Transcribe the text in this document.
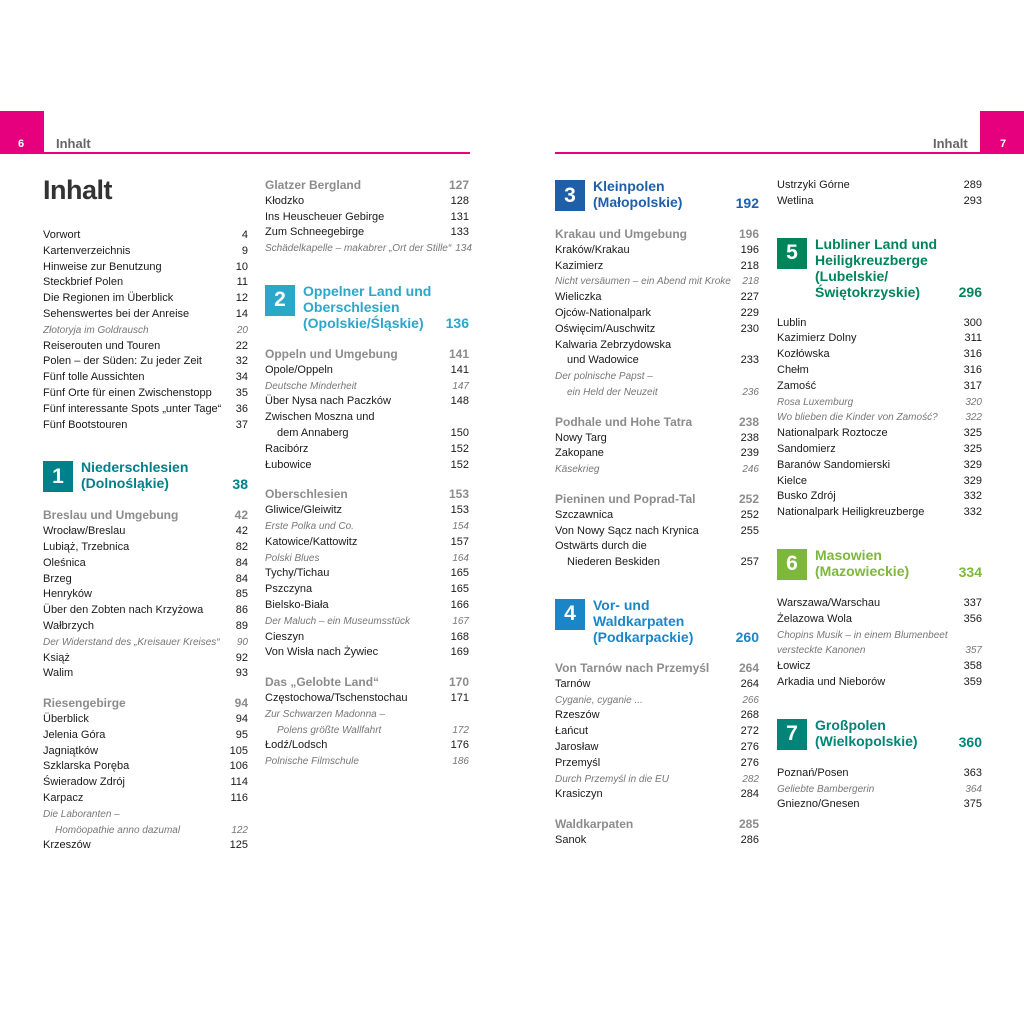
6	Inhalt	7
Inhalt
Inhalt
Vorwort	4
Kartenverzeichnis	9
Hinweise zur Benutzung	10
Steckbrief Polen	11
Die Regionen im Überblick	12
Sehenswertes bei der Anreise	14
Złotoryja im Goldrausch	20
Reiserouten und Touren	22
Polen – der Süden: Zu jeder Zeit	32
Fünf tolle Aussichten	34
Fünf Orte für einen Zwischenstopp 35
Fünf interessante Spots „unter Tage“ 36
Fünf Bootstouren	37
1	Niederschlesien (Dolnośląkie)	38
Breslau und Umgebung	42
Wrocław/Breslau	42
Lubiąż, Trzebnica	82
Oleśnica	84
Brzeg	84
Henryków	85
Über den Zobten nach Krzyżowa	86
Wałbrzych	89
Der Widerstand des „Kreisauer Kreises“ 90
Książ	92
Walim	93
Riesengebirge	94
Überblick	94
Jelenia Góra	95
Jagniątków	105
Szklarska Poręba	106
Świeradow Zdrój	114
Karpacz	116
Die Laboranten –
Homöopathie anno dazumal	122
Krzeszów	125
Glatzer Bergland	127
Kłodzko	128
Ins Heuscheuer Gebirge	131
Zum Schneegebirge	133
Schädelkapelle – makabrer „Ort der Stille“ 134
2	Oppelner Land und Oberschlesien (Opolskie/Śląskie)	136
Oppeln und Umgebung	141
Opole/Oppeln	141
Deutsche Minderheit	147
Über Nysa nach Paczków	148
Zwischen Moszna und
dem Annaberg	150
Racibórz	152
Łubowice	152
Oberschlesien	153
Gliwice/Gleiwitz	153
Erste Polka und Co.	154
Katowice/Kattowitz	157
Polski Blues	164
Tychy/Tichau	165
Pszczyna	165
Bielsko-Biała	166
Der Maluch – ein Museumsstück	167
Cieszyn	168
Von Wisła nach Żywiec	169
Das „Gelobte Land“	170
Częstochowa/Tschenstochau	171
Zur Schwarzen Madonna –
Polens größte Wallfahrt	172
Łodź/Lodsch	176
Polnische Filmschule	186
3	Kleinpolen (Małopolskie)	192
Krakau und Umgebung	196
Kraków/Krakau	196
Kazimierz	218
Nicht versäumen – ein Abend mit Kroke 218
Wieliczka	227
Ojców-Nationalpark	229
Oświęcim/Auschwitz	230
Kalwaria Zebrzydowska
und Wadowice	233
Der polnische Papst –
ein Held der Neuzeit	236
Podhale und Hohe Tatra	238
Nowy Targ	238
Zakopane	239
Käsekrieg	246
Pieninen und Poprad-Tal	252
Szczawnica	252
Von Nowy Sącz nach Krynica	255
Ostwärts durch die
Niederen Beskiden	257
4	Vor- und Waldkarpaten (Podkarpackie)	260
Von Tarnów nach Przemyśl 264
Tarnów	264
Cyganie, cyganie ...	266
Rzeszów	268
Łańcut	272
Jarosław	276
Przemyśl	276
Durch Przemyśl in die EU	282
Krasiczyn	284
Waldkarpaten	285
Sanok	286
Ustrzyki Górne	289
Wetlina	293
5	Lubliner Land und Heiligkreuzberge (Lubelskie/ Świętokrzyskie)	296
Lublin	300
Kazimierz Dolny	311
Kozłówska	316
Chełm	316
Zamość	317
Rosa Luxemburg	320
Wo blieben die Kinder von Zamość?	322
Nationalpark Roztocze	325
Sandomierz	325
Baranów Sandomierski	329
Kielce	329
Busko Zdrój	332
Nationalpark Heiligkreuzberge	332
6	Masowien (Mazowieckie)	334
Warszawa/Warschau	337
Żelazowa Wola	356
Chopins Musik – in einem Blumenbeet
versteckte Kanonen	357
Łowicz	358
Arkadia und Nieborów	359
7	Großpolen (Wielkopolskie)	360
Poznań/Posen	363
Geliebte Bambergerin	364
Gniezno/Gnesen	375
